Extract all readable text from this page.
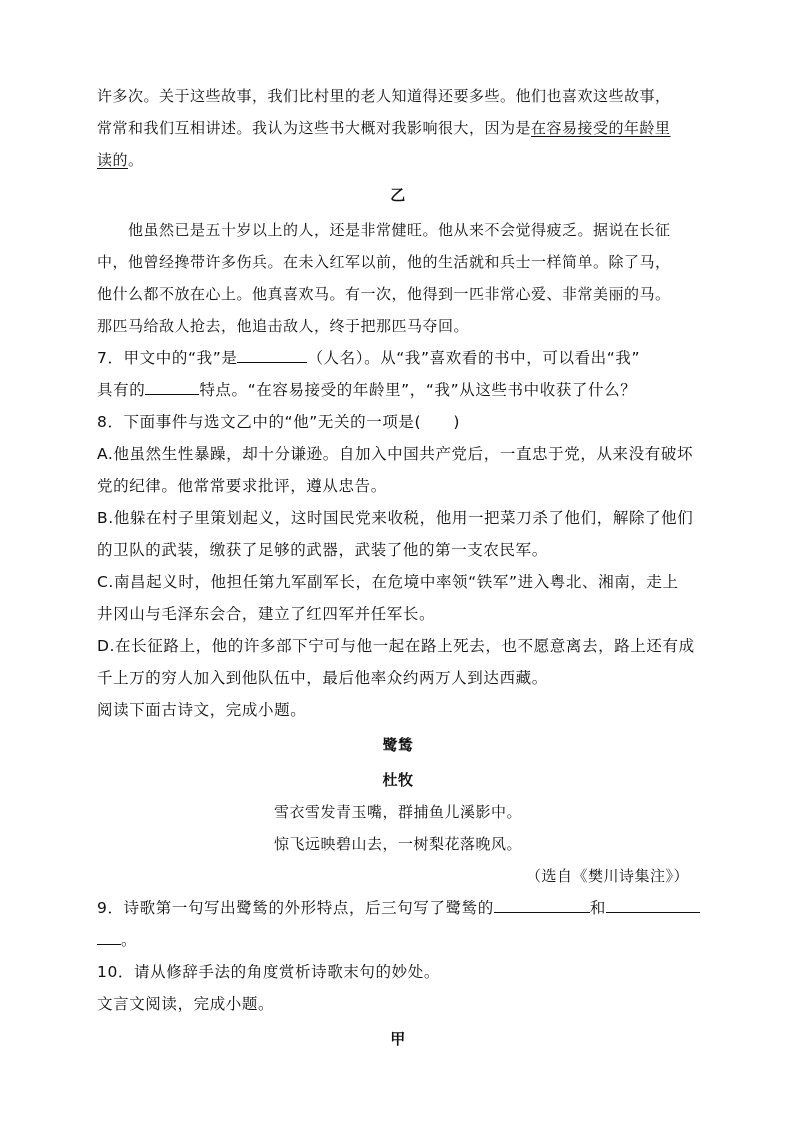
许多次。关于这些故事，我们比村里的老人知道得还要多些。他们也喜欢这些故事，
常常和我们互相讲述。我认为这些书大概对我影响很大，因为是在容易接受的年龄里
读的。
乙
他虽然已是五十岁以上的人，还是非常健旺。他从来不会觉得疲乏。据说在长征
中，他曾经搀带许多伤兵。在未入红军以前，他的生活就和兵士一样简单。除了马，
他什么都不放在心上。他真喜欢马。有一次，他得到一匹非常心爱、非常美丽的马。
那匹马给敌人抢去，他追击敌人，终于把那匹马夺回。
7．甲文中的“我”是	（人名）。从“我”喜欢看的书中，可以看出“我”
具有的	特点。“在容易接受的年龄里”，“我”从这些书中收获了什么？
8．下面事件与选文乙中的“他”无关的一项是(　　)
A.他虽然生性暴躁，却十分谦逊。自加入中国共产党后，一直忠于党，从来没有破坏
党的纪律。他常常要求批评，遵从忠告。
B.他躲在村子里策划起义，这时国民党来收税，他用一把菜刀杀了他们，解除了他们
的卫队的武装，缴获了足够的武器，武装了他的第一支农民军。
C.南昌起义时，他担任第九军副军长，在危境中率领“铁军”进入粤北、湘南，走上
井冈山与毛泽东会合，建立了红四军并任军长。
D.在长征路上，他的许多部下宁可与他一起在路上死去，也不愿意离去，路上还有成
千上万的穷人加入到他队伍中，最后他率众约两万人到达西藏。
阅读下面古诗文，完成小题。
鹭鸶
杜牧
雪衣雪发青玉嘴，群捕鱼儿溪影中。
惊飞远映碧山去，一树梨花落晚风。
（选自《樊川诗集注》）
9．诗歌第一句写出鹭鸶的外形特点，后三句写了鹭鸶的	和
。
10．请从修辞手法的角度赏析诗歌末句的妙处。
文言文阅读，完成小题。
甲
